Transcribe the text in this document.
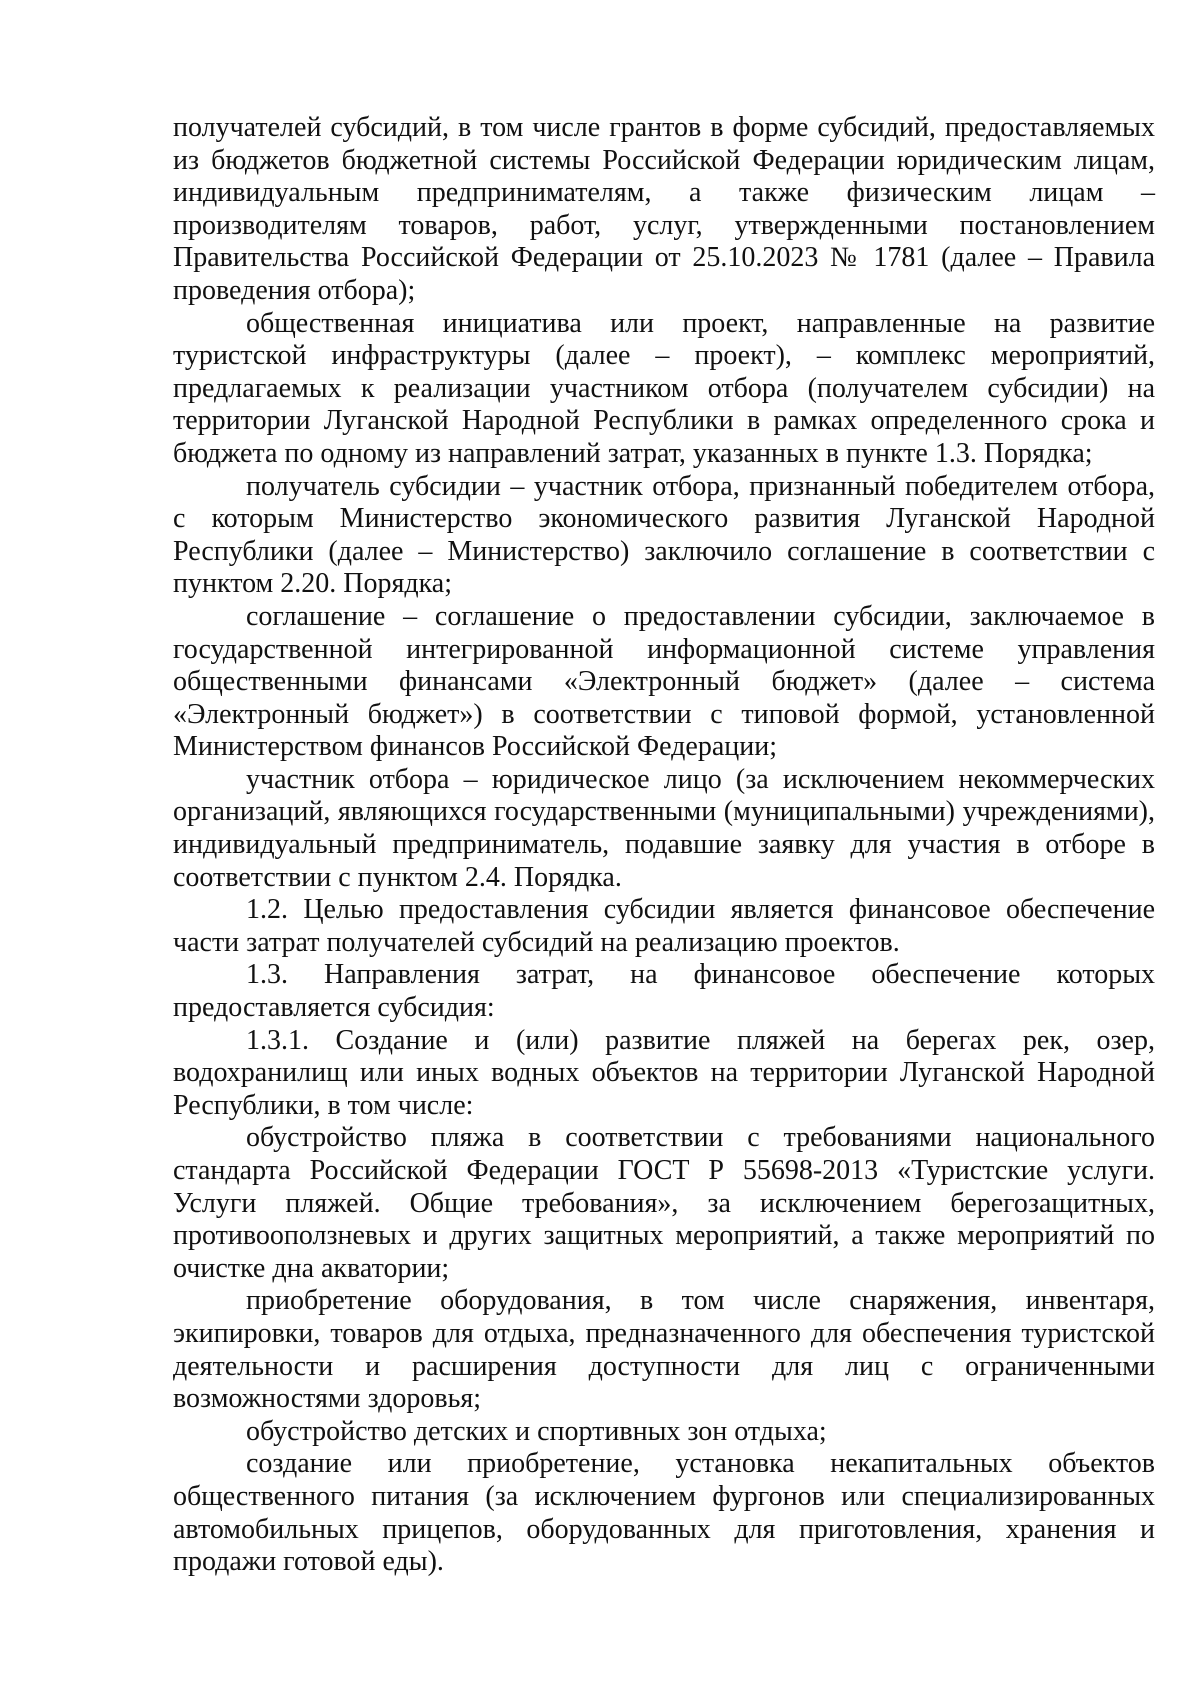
получателей субсидий, в том числе грантов в форме субсидий, предоставляемых из бюджетов бюджетной системы Российской Федерации юридическим лицам, индивидуальным предпринимателям, а также физическим лицам – производителям товаров, работ, услуг, утвержденными постановлением Правительства Российской Федерации от 25.10.2023 № 1781 (далее – Правила проведения отбора);

общественная инициатива или проект, направленные на развитие туристской инфраструктуры (далее – проект), – комплекс мероприятий, предлагаемых к реализации участником отбора (получателем субсидии) на территории Луганской Народной Республики в рамках определенного срока и бюджета по одному из направлений затрат, указанных в пункте 1.3. Порядка;

получатель субсидии – участник отбора, признанный победителем отбора, с которым Министерство экономического развития Луганской Народной Республики (далее – Министерство) заключило соглашение в соответствии с пунктом 2.20. Порядка;

соглашение – соглашение о предоставлении субсидии, заключаемое в государственной интегрированной информационной системе управления общественными финансами «Электронный бюджет» (далее – система «Электронный бюджет») в соответствии с типовой формой, установленной Министерством финансов Российской Федерации;

участник отбора – юридическое лицо (за исключением некоммерческих организаций, являющихся государственными (муниципальными) учреждениями), индивидуальный предприниматель, подавшие заявку для участия в отборе в соответствии с пунктом 2.4. Порядка.

1.2. Целью предоставления субсидии является финансовое обеспечение части затрат получателей субсидий на реализацию проектов.

1.3. Направления затрат, на финансовое обеспечение которых предоставляется субсидия:

1.3.1. Создание и (или) развитие пляжей на берегах рек, озер, водохранилищ или иных водных объектов на территории Луганской Народной Республики, в том числе:

обустройство пляжа в соответствии с требованиями национального стандарта Российской Федерации ГОСТ Р 55698-2013 «Туристские услуги. Услуги пляжей. Общие требования», за исключением берегозащитных, противооползневых и других защитных мероприятий, а также мероприятий по очистке дна акватории;

приобретение оборудования, в том числе снаряжения, инвентаря, экипировки, товаров для отдыха, предназначенного для обеспечения туристской деятельности и расширения доступности для лиц с ограниченными возможностями здоровья;

обустройство детских и спортивных зон отдыха;

создание или приобретение, установка некапитальных объектов общественного питания (за исключением фургонов или специализированных автомобильных прицепов, оборудованных для приготовления, хранения и продажи готовой еды).
